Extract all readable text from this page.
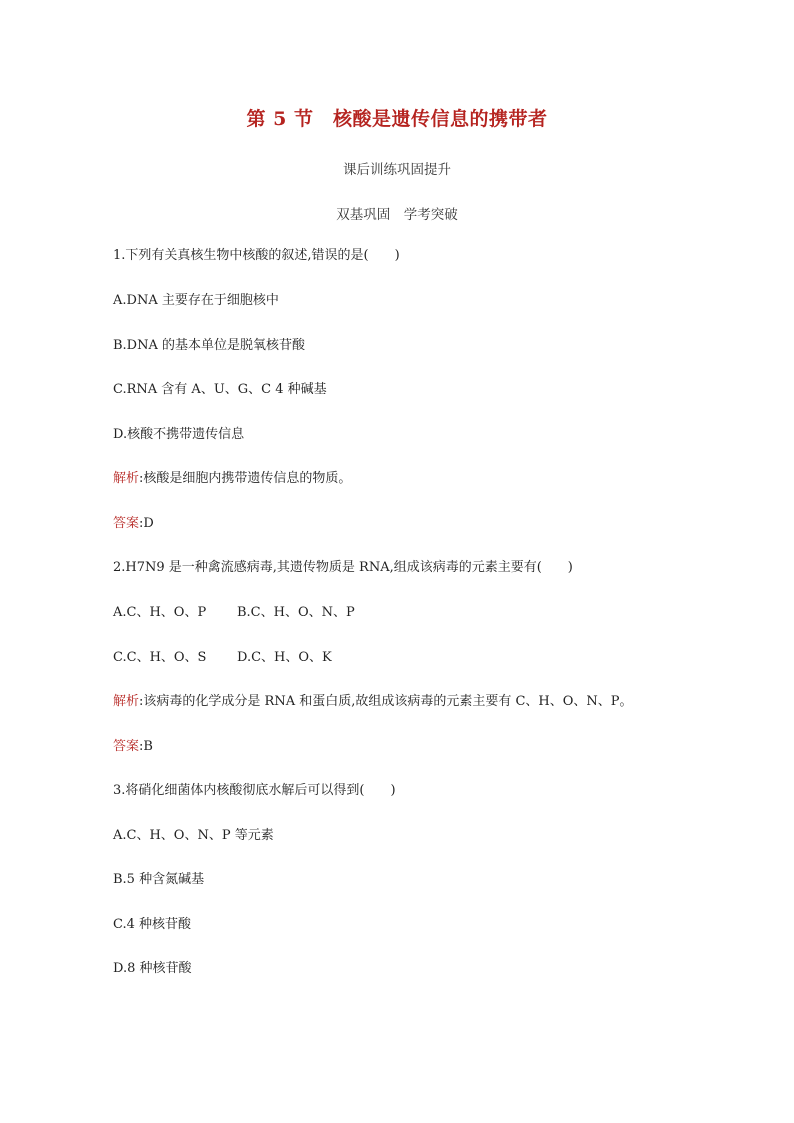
第 5 节　核酸是遗传信息的携带者
课后训练巩固提升
双基巩固　学考突破
1.下列有关真核生物中核酸的叙述,错误的是(　　)
A.DNA 主要存在于细胞核中
B.DNA 的基本单位是脱氧核苷酸
C.RNA 含有 A、U、G、C 4 种碱基
D.核酸不携带遗传信息
解析:核酸是细胞内携带遗传信息的物质。
答案:D
2.H7N9 是一种禽流感病毒,其遗传物质是 RNA,组成该病毒的元素主要有(　　)
A.C、H、O、P B.C、H、O、N、P
C.C、H、O、S D.C、H、O、K
解析:该病毒的化学成分是 RNA 和蛋白质,故组成该病毒的元素主要有 C、H、O、N、P。
答案:B
3.将硝化细菌体内核酸彻底水解后可以得到(　　)
A.C、H、O、N、P 等元素
B.5 种含氮碱基
C.4 种核苷酸
D.8 种核苷酸
